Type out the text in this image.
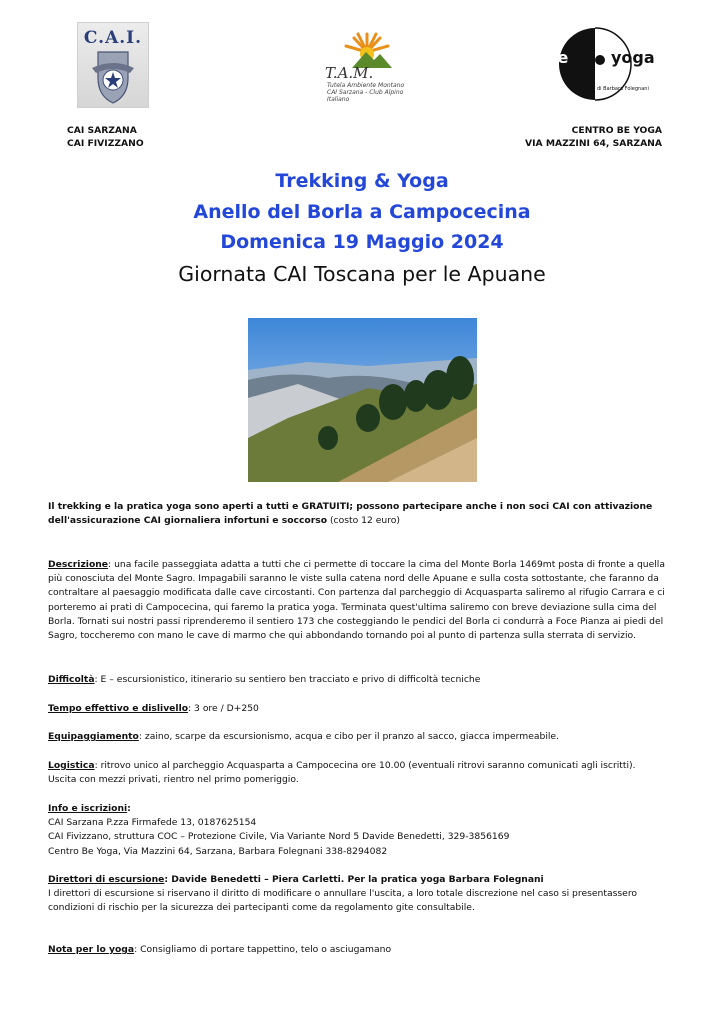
C.A.I.
T.A.M.
Tutela Ambiente Montano
CAI Sarzana - Club Alpino Italiano
be	yoga
di Barbara Folegnani
CAI SARZANA
CAI FIVIZZANO
CENTRO BE YOGA
VIA MAZZINI 64, SARZANA
Trekking & Yoga
Anello del Borla a Campocecina
Domenica 19 Maggio 2024
Giornata CAI Toscana per le Apuane

Il trekking e la pratica yoga sono aperti a tutti e GRATUITI; possono partecipare anche i non soci CAI con attivazione dell'assicurazione CAI giornaliera infortuni e soccorso (costo 12 euro)

Descrizione: una facile passeggiata adatta a tutti che ci permette di toccare la cima del Monte Borla 1469mt posta di fronte a quella più conosciuta del Monte Sagro. Impagabili saranno le viste sulla catena nord delle Apuane e sulla costa sottostante, che faranno da contraltare al paesaggio modificata dalle cave circostanti. Con partenza dal parcheggio di Acquasparta saliremo al rifugio Carrara e ci porteremo ai prati di Campocecina, qui faremo la pratica yoga. Terminata quest'ultima saliremo con breve deviazione sulla cima del Borla. Tornati sui nostri passi riprenderemo il sentiero 173 che costeggiando le pendici del Borla ci condurrà a Foce Pianza ai piedi del Sagro, toccheremo con mano le cave di marmo che qui abbondando tornando poi al punto di partenza sulla sterrata di servizio.

Difficoltà: E – escursionistico, itinerario su sentiero ben tracciato e privo di difficoltà tecniche

Tempo effettivo e dislivello: 3 ore / D+250

Equipaggiamento: zaino, scarpe da escursionismo, acqua e cibo per il pranzo al sacco, giacca impermeabile.

Logistica: ritrovo unico al parcheggio Acquasparta a Campocecina ore 10.00 (eventuali ritrovi saranno comunicati agli iscritti).

Uscita con mezzi privati, rientro nel primo pomeriggio.

Info e iscrizioni:

CAI Sarzana P.zza Firmafede 13, 0187625154

CAI Fivizzano, struttura COC – Protezione Civile, Via Variante Nord 5 Davide Benedetti, 329-3856169

Centro Be Yoga, Via Mazzini 64, Sarzana, Barbara Folegnani 338-8294082

Direttori di escursione: Davide Benedetti – Piera Carletti. Per la pratica yoga Barbara Folegnani

I direttori di escursione si riservano il diritto di modificare o annullare l'uscita, a loro totale discrezione nel caso si presentassero condizioni di rischio per la sicurezza dei partecipanti come da regolamento gite consultabile.

Nota per lo yoga: Consigliamo di portare tappettino, telo o asciugamano
